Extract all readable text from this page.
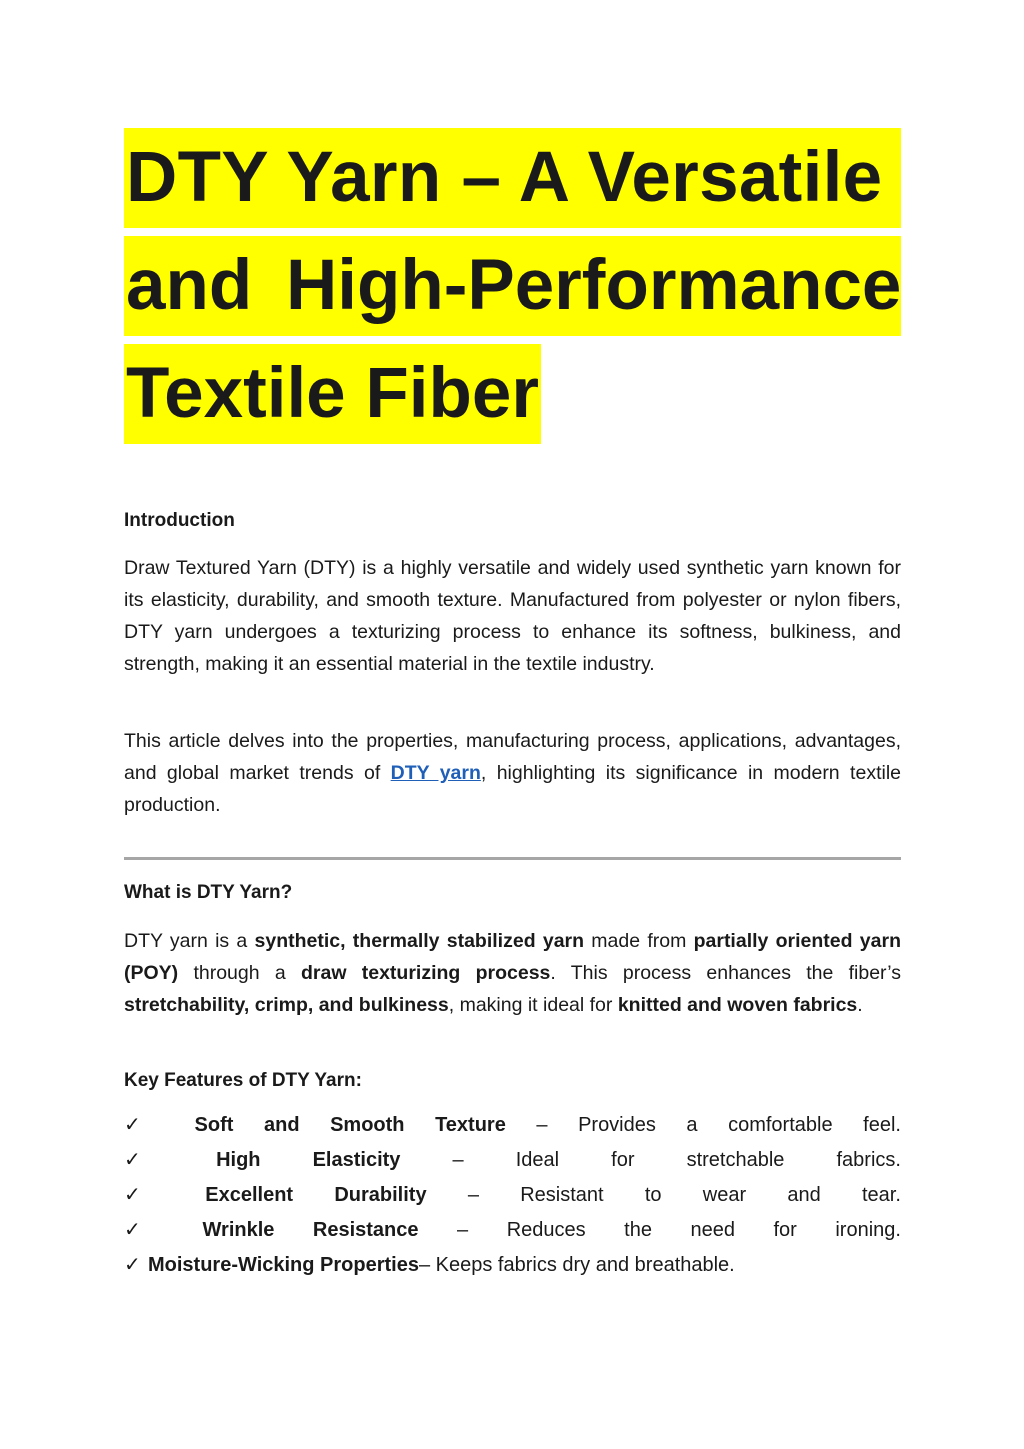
DTY Yarn – A Versatile
and High-Performance
Textile Fiber
Introduction

Draw Textured Yarn (DTY) is a highly versatile and widely used synthetic yarn known for its elasticity, durability, and smooth texture. Manufactured from polyester or nylon fibers, DTY yarn undergoes a texturizing process to enhance its softness, bulkiness, and strength, making it an essential material in the textile industry.

This article delves into the properties, manufacturing process, applications, advantages, and global market trends of DTY yarn, highlighting its significance in modern textile production.

What is DTY Yarn?

DTY yarn is a synthetic, thermally stabilized yarn made from partially oriented yarn (POY) through a draw texturizing process. This process enhances the fiber’s stretchability, crimp, and bulkiness, making it ideal for knitted and woven fabrics.

Key Features of DTY Yarn:
✓	Soft and Smooth Texture – Provides a comfortable feel.
✓	High	Elasticity	–	Ideal	for	stretchable	fabrics.
✓	Excellent Durability – Resistant to wear and tear.
✓	Wrinkle Resistance – Reduces the need for ironing.
✓ Moisture-Wicking Properties – Keeps fabrics dry and breathable.
